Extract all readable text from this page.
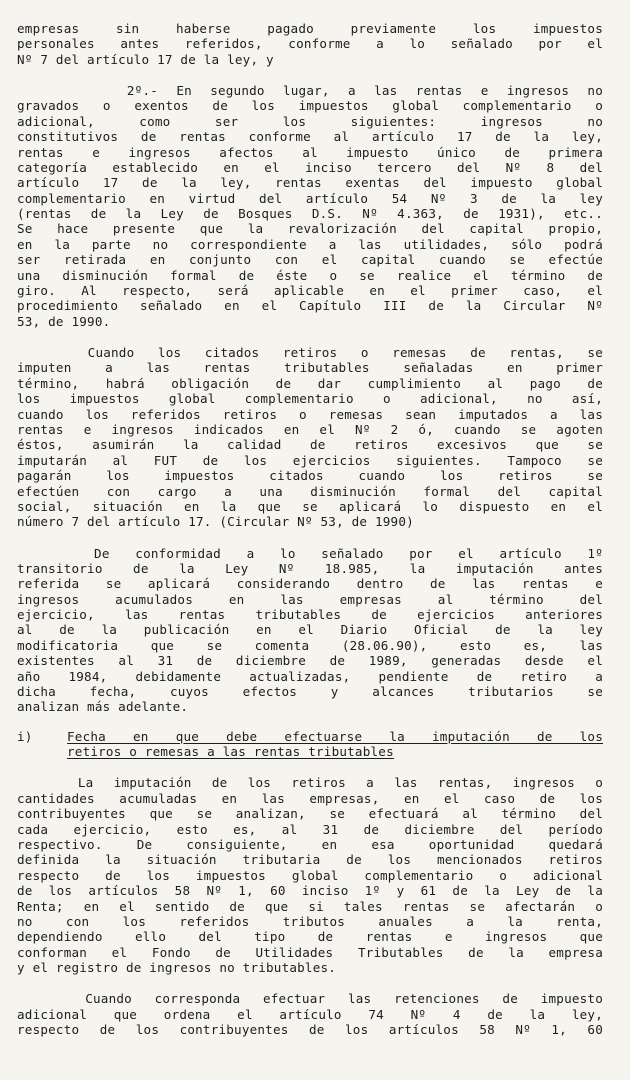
empresas sin haberse pagado previamente los impuestos
personales antes referidos, conforme a lo señalado por el
Nº 7 del artículo 17 de la ley, y
2º.- En segundo lugar, a las rentas e ingresos no
gravados o exentos de los impuestos global complementario o
adicional, como ser los siguientes: ingresos no
constitutivos de rentas conforme al artículo 17 de la ley,
rentas e ingresos afectos al impuesto único de primera
categoría establecido en el inciso tercero del Nº 8 del
artículo 17 de la ley, rentas exentas del impuesto global
complementario en virtud del artículo 54 Nº 3 de la ley
(rentas de la Ley de Bosques D.S. Nº 4.363, de 1931), etc..
Se hace presente que la revalorización del capital propio,
en la parte no correspondiente a las utilidades, sólo podrá
ser retirada en conjunto con el capital cuando se efectúe
una disminución formal de éste o se realice el término de
giro. Al respecto, será aplicable en el primer caso, el
procedimiento señalado en el Capítulo III de la Circular Nº
53, de 1990.
Cuando los citados retiros o remesas de rentas, se
imputen a las rentas tributables señaladas en primer
término, habrá obligación de dar cumplimiento al pago de
los impuestos global complementario o adicional, no así,
cuando los referidos retiros o remesas sean imputados a las
rentas e ingresos indicados en el Nº 2 ó, cuando se agoten
éstos, asumirán la calidad de retiros excesivos que se
imputarán al FUT de los ejercicios siguientes. Tampoco se
pagarán los impuestos citados cuando los retiros se
efectúen con cargo a una disminución formal del capital
social, situación en la que se aplicará lo dispuesto en el
número 7 del artículo 17. (Circular Nº 53, de 1990)
De conformidad a lo señalado por el artículo 1º
transitorio de la Ley Nº 18.985, la imputación antes
referida se aplicará considerando dentro de las rentas e
ingresos acumulados en las empresas al término del
ejercicio, las rentas tributables de ejercicios anteriores
al de la publicación en el Diario Oficial de la ley
modificatoria que se comenta (28.06.90), esto es, las
existentes al 31 de diciembre de 1989, generadas desde el
año 1984, debidamente actualizadas, pendiente de retiro a
dicha fecha, cuyos efectos y alcances tributarios se
analizan más adelante.
i)	Fecha en que debe efectuarse la imputación de los
retiros o remesas a las rentas tributables
La imputación de los retiros a las rentas, ingresos o
cantidades acumuladas en las empresas, en el caso de los
contribuyentes que se analizan, se efectuará al término del
cada ejercicio, esto es, al 31 de diciembre del período
respectivo. De consiguiente, en esa oportunidad quedará
definida la situación tributaria de los mencionados retiros
respecto de los impuestos global complementario o adicional
de los artículos 58 Nº 1, 60 inciso 1º y 61 de la Ley de la
Renta; en el sentido de que si tales rentas se afectarán o
no con los referidos tributos anuales a la renta,
dependiendo ello del tipo de rentas e ingresos que
conforman el Fondo de Utilidades Tributables de la empresa
y el registro de ingresos no tributables.
Cuando corresponda efectuar las retenciones de impuesto
adicional que ordena el artículo 74 Nº 4 de la ley,
respecto de los contribuyentes de los artículos 58 Nº 1, 60
